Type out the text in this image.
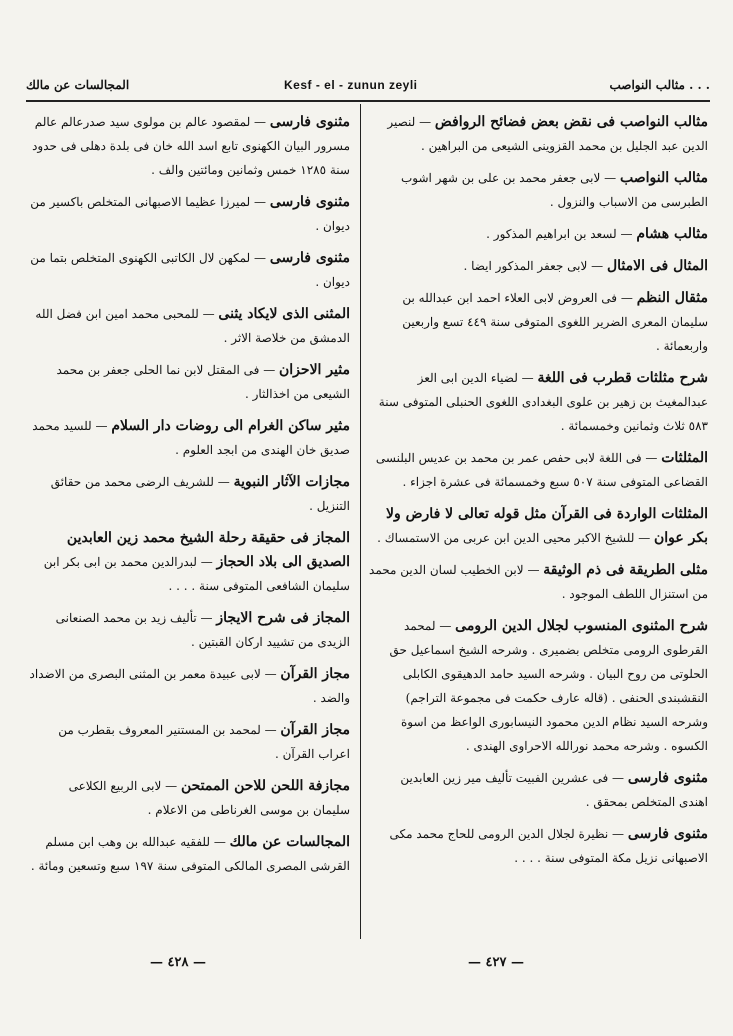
المجالسات عن مالك	Kesf - el - zunun zeyli	مثالب النواصب . . .

مثنوى فارسى — لمقصود عالم بن مولوى سيد صدرعالم عالم مسرور البيان الكهنوى تابع اسد الله خان فى بلدة دهلى فى حدود سنة ١٢٨٥ خمس وثمانين ومائتين والف .

مثنوى فارسى — لميرزا عظيما الاصبهانى المتخلص باكسير من ديوان .

مثنوى فارسى — لمكهن لال الكاتبى الكهنوى المتخلص بتما من ديوان .

المثنى الذى لايكاد يثنى — للمحبى محمد امين ابن فضل الله الدمشق من خلاصة الاثر .

مثير الاحزان — فى المقتل لابن نما الحلى جعفر بن محمد الشيعى من اخذالثار .

مثير ساكن الغرام الى روضات دار السلام — للسيد محمد صديق خان الهندى من ابجد العلوم .

مجازات الآثار النبوية — للشريف الرضى محمد من حقائق التنزيل .

المجاز فى حقيقة رحلة الشيخ محمد زين العابدين الصديق الى بلاد الحجاز — لبدرالدين محمد بن ابى بكر ابن سليمان الشافعى المتوفى سنة . . . .

المجاز فى شرح الايجاز — تأليف زيد بن محمد الصنعانى الزيدى من تشييد اركان القبتين .

مجاز القرآن — لابى عبيدة معمر بن المثنى البصرى من الاضداد والضد .

مجاز القرآن — لمحمد بن المستنير المعروف بقطرب من اعراب القرآن .

مجازفة اللحن للاحن الممتحن — لابى الربيع الكلاعى سليمان بن موسى الغرناطى من الاعلام .

المجالسات عن مالك — للفقيه عبدالله بن وهب ابن مسلم القرشى المصرى المالكى المتوفى سنة ١٩٧ سبع وتسعين ومائة .

مثالب النواصب فى نقض بعض فضائح الروافض — لنصير الدين عبد الجليل بن محمد القزوينى الشيعى من البراهين .

مثالب النواصب — لابى جعفر محمد بن على بن شهر اشوب الطبرسى من الاسباب والنزول .

مثالب هشام — لسعد بن ابراهيم المذكور .

المثال فى الامثال — لابى جعفر المذكور ايضا .

مثقال النظم — فى العروض لابى العلاء احمد ابن عبدالله بن سليمان المعرى الضرير اللغوى المتوفى سنة ٤٤٩ تسع واربعين واربعمائة .

شرح مثلثات قطرب فى اللغة — لضياء الدين ابى العز عبدالمغيث بن زهير بن علوى البغدادى اللغوى الحنبلى المتوفى سنة ٥٨٣ ثلاث وثمانين وخمسمائة .

المثلثات — فى اللغة لابى حفص عمر بن محمد بن عديس البلنسى القضاعى المتوفى سنة ٥٠٧ سبع وخمسمائة فى عشرة اجزاء .

المثلثات الواردة فى القرآن مثل قوله تعالى لا فارض ولا بكر عوان — للشيخ الاكبر محيى الدين ابن عربى من الاستمساك .

مثلى الطريقة فى ذم الوثيقة — لابن الخطيب لسان الدين محمد من استنزال اللطف الموجود .

شرح المثنوى المنسوب لجلال الدين الرومى — لمحمد القرطوى الرومى متخلص بضميرى . وشرحه الشيخ اسماعيل حق الحلوتى من روح البيان . وشرحه السيد حامد الدهيقوى الكابلى النقشبندى الحنفى . (قاله عارف حكمت فى مجموعة التراجم) وشرحه السيد نظام الدين محمود النيسابورى الواعظ من اسوة الكسوه . وشرحه محمد نورالله الاحراوى الهندى .

مثنوى فارسى — فى عشرين الفبيت تأليف مير زين العابدين اهندى المتخلص بمحقق .

مثنوى فارسى — نظيرة لجلال الدين الرومى للحاج محمد مكى الاصبهانى نزيل مكة المتوفى سنة . . . .

— ٤٢٨ —	— ٤٢٧ —
